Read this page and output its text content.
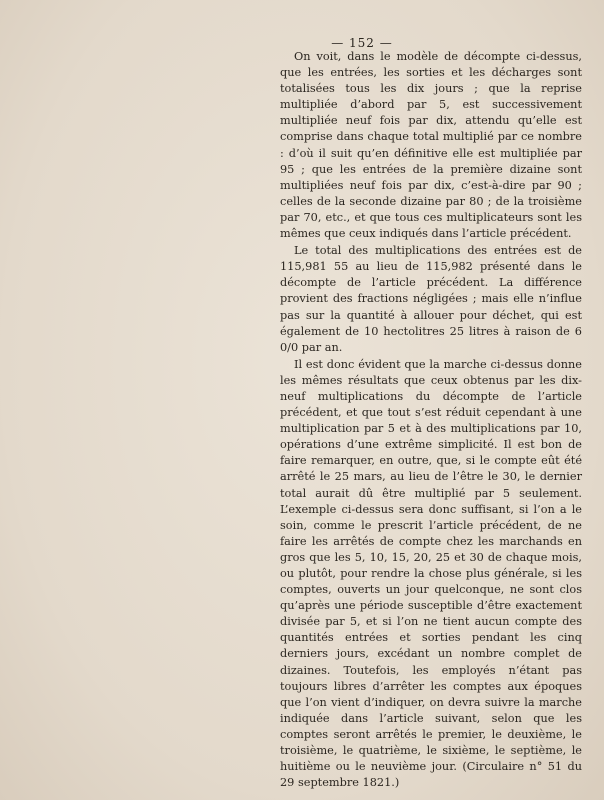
— 152 —

On voit, dans le modèle de décompte ci-dessus, que les entrées, les sorties et les décharges sont totalisées tous les dix jours ; que la reprise multipliée d’abord par 5, est successivement multipliée neuf fois par dix, attendu qu’elle est comprise dans chaque total multiplié par ce nombre : d’où il suit qu’en définitive elle est multipliée par 95 ; que les entrées de la première dizaine sont multipliées neuf fois par dix, c’est-à-dire par 90 ; celles de la seconde dizaine par 80 ; de la troisième par 70, etc., et que tous ces multiplicateurs sont les mêmes que ceux indiqués dans l’article précédent.

Le total des multiplications des entrées est de 115,981 55 au lieu de 115,982 présenté dans le décompte de l’article précédent. La différence provient des fractions négligées ; mais elle n’influe pas sur la quantité à allouer pour déchet, qui est également de 10 hectolitres 25 litres à raison de 6 0/0 par an.

Il est donc évident que la marche ci-dessus donne les mêmes résultats que ceux obtenus par les dix-neuf multiplications du décompte de l’article précédent, et que tout s’est réduit cependant à une multiplication par 5 et à des multiplications par 10, opérations d’une extrême simplicité. Il est bon de faire remarquer, en outre, que, si le compte eût été arrêté le 25 mars, au lieu de l’être le 30, le dernier total aurait dû être multiplié par 5 seulement. L’exemple ci-dessus sera donc suffisant, si l’on a le soin, comme le prescrit l’article précédent, de ne faire les arrêtés de compte chez les marchands en gros que les 5, 10, 15, 20, 25 et 30 de chaque mois, ou plutôt, pour rendre la chose plus générale, si les comptes, ouverts un jour quelconque, ne sont clos qu’après une période susceptible d’être exactement divisée par 5, et si l’on ne tient aucun compte des quantités entrées et sorties pendant les cinq derniers jours, excédant un nombre complet de dizaines. Toutefois, les employés n’étant pas toujours libres d’arrêter les comptes aux époques que l’on vient d’indiquer, on devra suivre la marche indiquée dans l’article suivant, selon que les comptes seront arrêtés le premier, le deuxième, le troisième, le quatrième, le sixième, le septième, le huitième ou le neuvième jour. (Circulaire n° 51 du 29 septembre 1821.)
